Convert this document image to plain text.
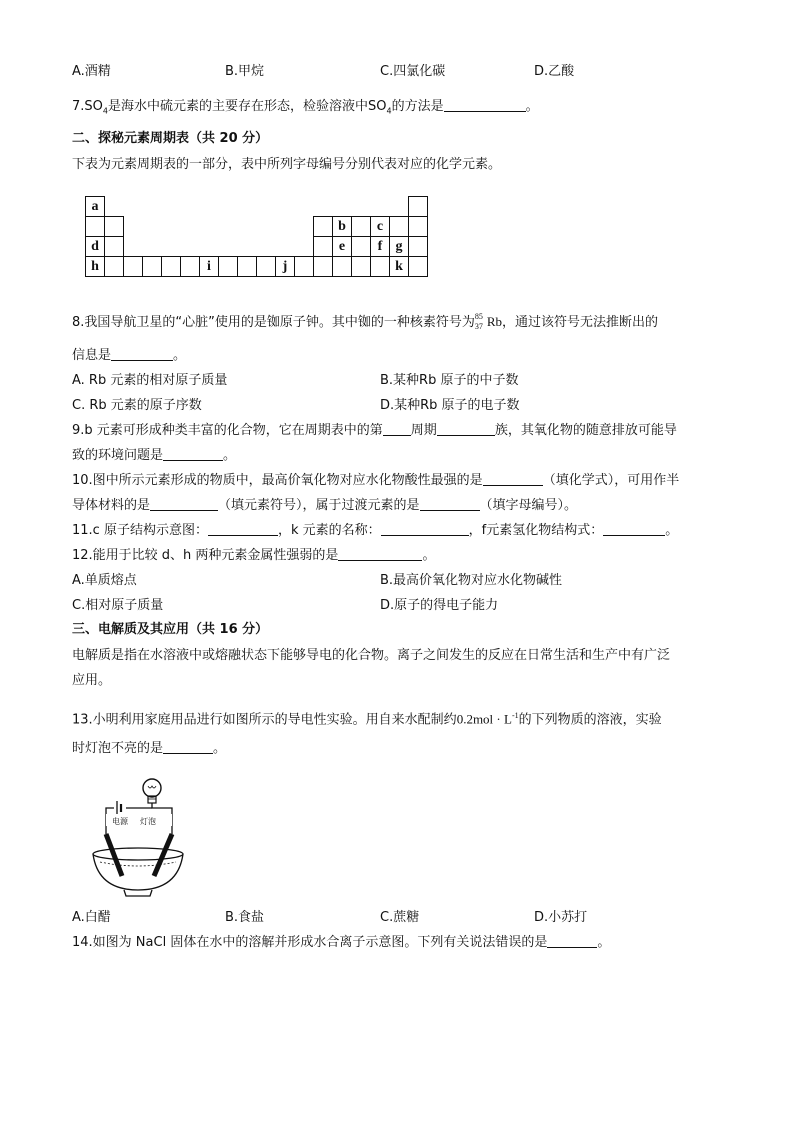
A.酒精	B.甲烷	C.四氯化碳	D.乙酸
$7.SO_4$是海水中硫元素的主要存在形态，检验溶液中$SO_4$的方法是	。
二、探秘元素周期表（共 20 分）
下表为元素周期表的一部分，表中所列字母编号分别代表对应的化学元素。
a																	
													b		c		
d													e		f	g	
h						i				j						k	
8.我国导航卫星的“心脏”使用的是铷原子钟。其中铷的一种核素符号为 85
37 Rb，通过该符号无法推断出的
信息是	。
A. Rb 元素的相对原子质量	B.某种Rb 原子的中子数
C. Rb 元素的原子序数	D.某种Rb 原子的电子数
9.b 元素可形成种类丰富的化合物，它在周期表中的第 周期	族，其氧化物的随意排放可能导
致的环境问题是	。
10.图中所示元素形成的物质中，最高价氧化物对应水化物酸性最强的是	（填化学式），可用作半
导体材料的是	（填元素符号），属于过渡元素的是	（填字母编号）。
11.c 原子结构示意图：	，k 元素的名称：	，f元素氢化物结构式：	。
12.能用于比较 d、h 两种元素金属性强弱的是	。
A.单质熔点	B.最高价氧化物对应水化物碱性
C.相对原子质量	D.原子的得电子能力
三、电解质及其应用（共 16 分）
电解质是指在水溶液中或熔融状态下能够导电的化合物。离子之间发生的反应在日常生活和生产中有广泛
应用。
13.小明利用家庭用品进行如图所示的导电性实验。用自来水配制约$0.2mol \cdot L^{-1}$的下列物质的溶液，实验
时灯泡不亮的是	。
电源 灯泡
A.白醋	B.食盐	C.蔗糖	D.小苏打
14.如图为 NaCl 固体在水中的溶解并形成水合离子示意图。下列有关说法错误的是	。
